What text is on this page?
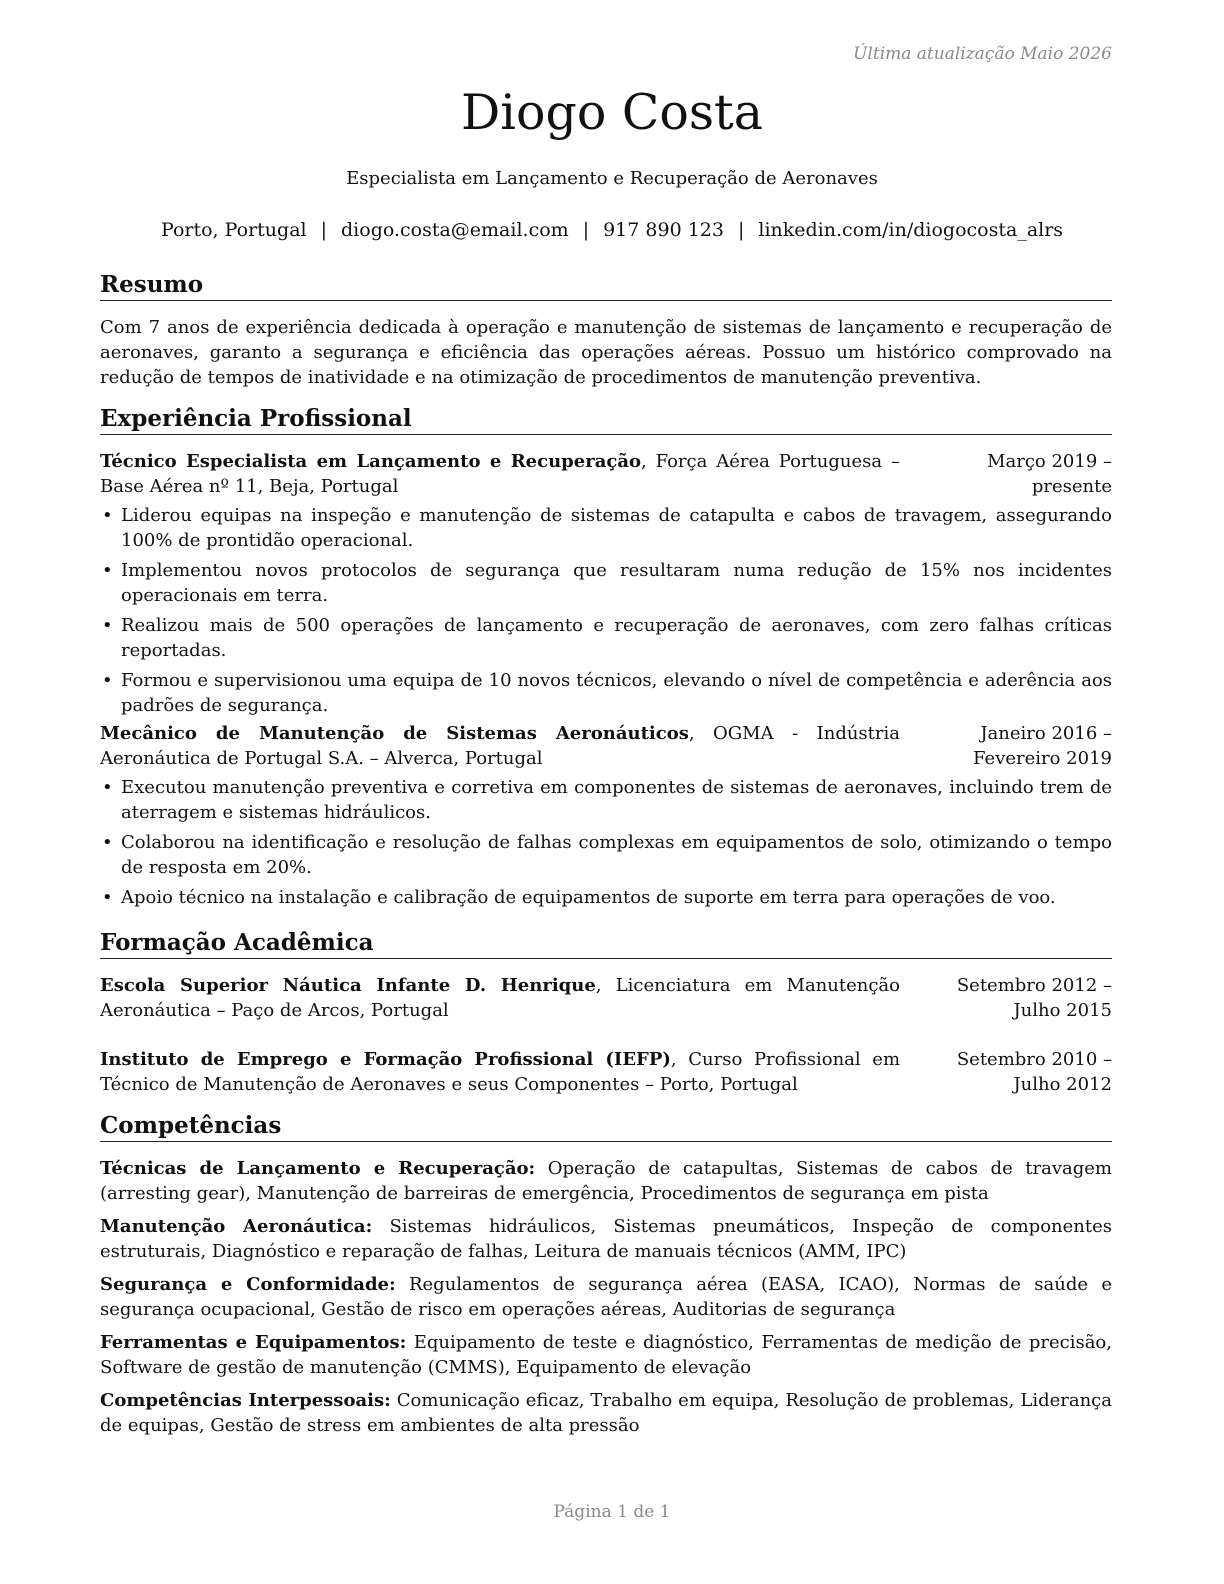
Última atualização Maio 2026
Diogo Costa
Especialista em Lançamento e Recuperação de Aeronaves
Porto, Portugal | diogo.costa@email.com | 917 890 123 | linkedin.com/in/diogocosta_alrs
Resumo
Com 7 anos de experiência dedicada à operação e manutenção de sistemas de lançamento e recuperação de aeronaves, garanto a segurança e eficiência das operações aéreas. Possuo um histórico comprovado na redução de tempos de inatividade e na otimização de procedimentos de manutenção preventiva.
Experiência Profissional
Técnico Especialista em Lançamento e Recuperação, Força Aérea Portuguesa – Base Aérea nº 11, Beja, Portugal
Março 2019 – presente
• Liderou equipas na inspeção e manutenção de sistemas de catapulta e cabos de travagem, assegurando 100% de prontidão operacional.
• Implementou novos protocolos de segurança que resultaram numa redução de 15% nos incidentes operacionais em terra.
• Realizou mais de 500 operações de lançamento e recuperação de aeronaves, com zero falhas críticas reportadas.
• Formou e supervisionou uma equipa de 10 novos técnicos, elevando o nível de competência e aderência aos padrões de segurança.
Mecânico de Manutenção de Sistemas Aeronáuticos, OGMA - Indústria Aeronáutica de Portugal S.A. – Alverca, Portugal
Janeiro 2016 – Fevereiro 2019
• Executou manutenção preventiva e corretiva em componentes de sistemas de aeronaves, incluindo trem de aterragem e sistemas hidráulicos.
• Colaborou na identificação e resolução de falhas complexas em equipamentos de solo, otimizando o tempo de resposta em 20%.
• Apoio técnico na instalação e calibração de equipamentos de suporte em terra para operações de voo.
Formação Acadêmica
Escola Superior Náutica Infante D. Henrique, Licenciatura em Manutenção Aeronáutica – Paço de Arcos, Portugal
Setembro 2012 – Julho 2015
Instituto de Emprego e Formação Profissional (IEFP), Curso Profissional em Técnico de Manutenção de Aeronaves e seus Componentes – Porto, Portugal
Setembro 2010 – Julho 2012
Competências
Técnicas de Lançamento e Recuperação: Operação de catapultas, Sistemas de cabos de travagem (arresting gear), Manutenção de barreiras de emergência, Procedimentos de segurança em pista
Manutenção Aeronáutica: Sistemas hidráulicos, Sistemas pneumáticos, Inspeção de componentes estruturais, Diagnóstico e reparação de falhas, Leitura de manuais técnicos (AMM, IPC)
Segurança e Conformidade: Regulamentos de segurança aérea (EASA, ICAO), Normas de saúde e segurança ocupacional, Gestão de risco em operações aéreas, Auditorias de segurança
Ferramentas e Equipamentos: Equipamento de teste e diagnóstico, Ferramentas de medição de precisão, Software de gestão de manutenção (CMMS), Equipamento de elevação
Competências Interpessoais: Comunicação eficaz, Trabalho em equipa, Resolução de problemas, Liderança de equipas, Gestão de stress em ambientes de alta pressão
Página 1 de 1
